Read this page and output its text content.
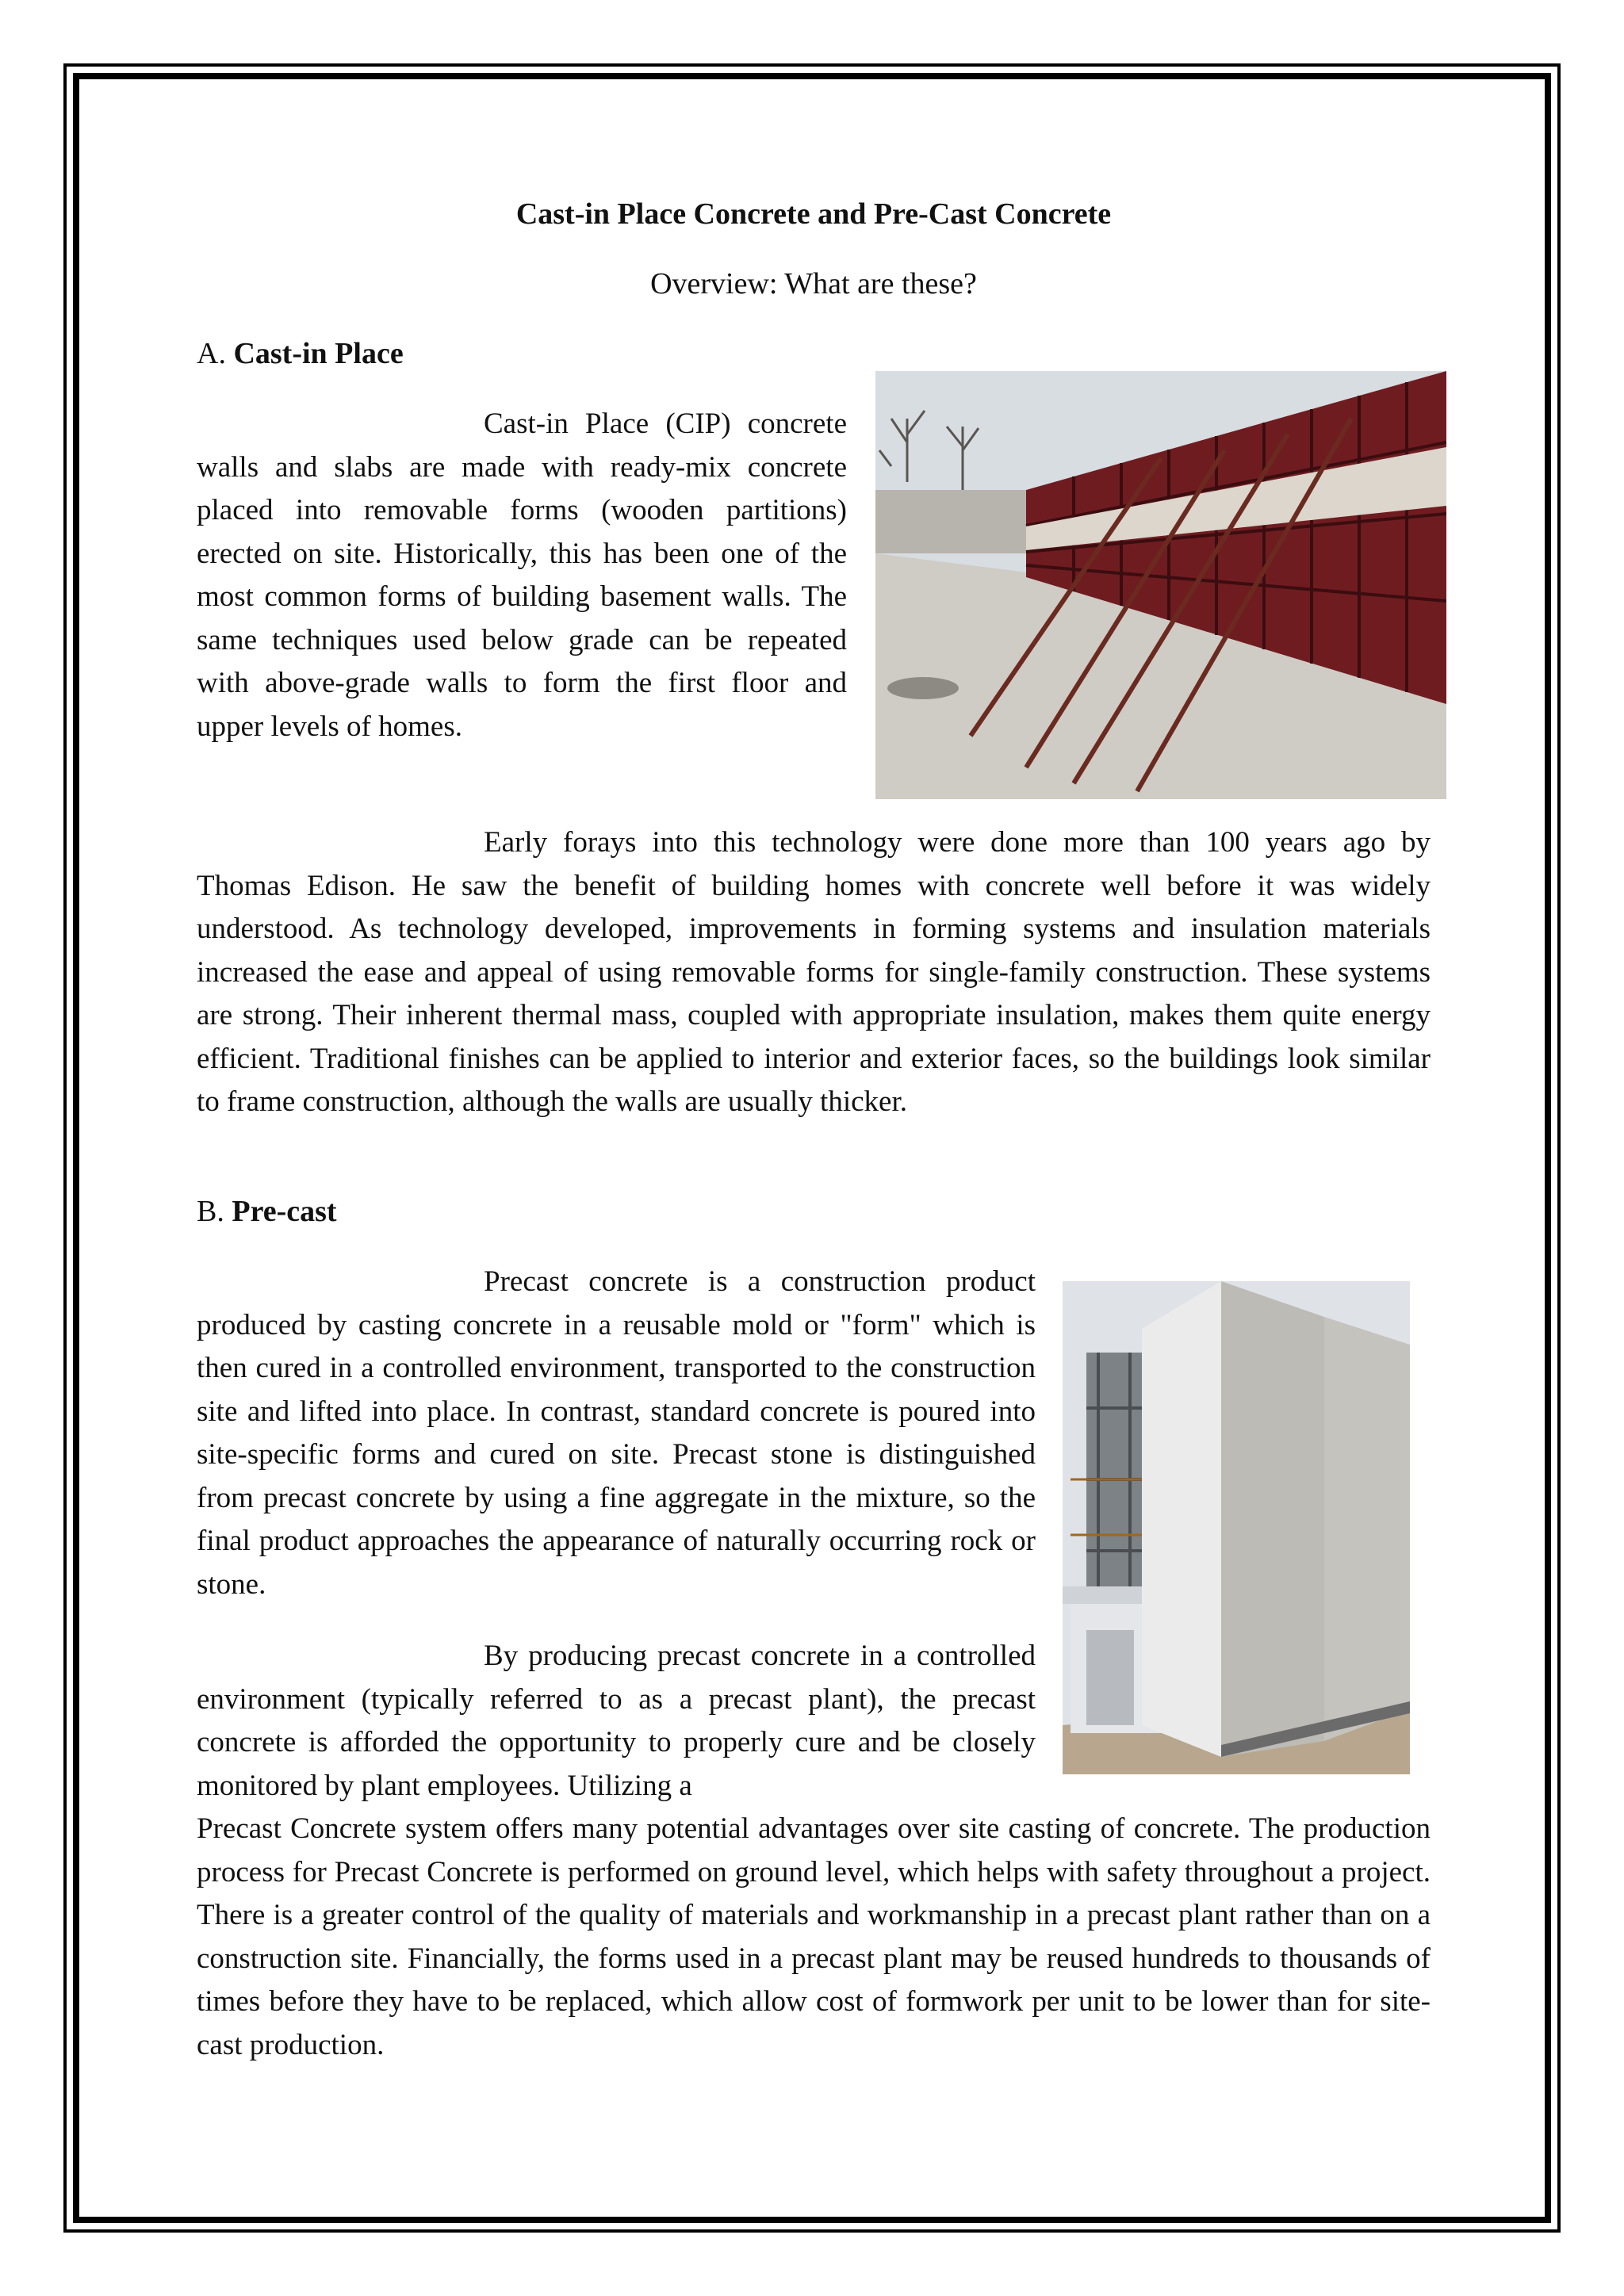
Cast-in Place Concrete and Pre-Cast Concrete

Overview: What are these?

A. Cast-in Place

Cast-in Place (CIP) concrete walls and slabs are made with ready-mix concrete placed into removable forms (wooden partitions) erected on site. Historically, this has been one of the most common forms of building basement walls. The same techniques used below grade can be repeated with above-grade walls to form the first floor and upper levels of homes.

Early forays into this technology were done more than 100 years ago by Thomas Edison. He saw the benefit of building homes with concrete well before it was widely understood. As technology developed, improvements in forming systems and insulation materials increased the ease and appeal of using removable forms for single-family construction. These systems are strong. Their inherent thermal mass, coupled with appropriate insulation, makes them quite energy efficient. Traditional finishes can be applied to interior and exterior faces, so the buildings look similar to frame construction, although the walls are usually thicker.

B. Pre-cast

Precast concrete is a construction product produced by casting concrete in a reusable mold or "form" which is then cured in a controlled environment, transported to the construction site and lifted into place. In contrast, standard concrete is poured into site-specific forms and cured on site. Precast stone is distinguished from precast concrete by using a fine aggregate in the mixture, so the final product approaches the appearance of naturally occurring rock or stone.

By producing precast concrete in a controlled environment (typically referred to as a precast plant), the precast concrete is afforded the opportunity to properly cure and be closely monitored by plant employees. Utilizing a

Precast Concrete system offers many potential advantages over site casting of concrete. The production process for Precast Concrete is performed on ground level, which helps with safety throughout a project. There is a greater control of the quality of materials and workmanship in a precast plant rather than on a construction site. Financially, the forms used in a precast plant may be reused hundreds to thousands of times before they have to be replaced, which allow cost of formwork per unit to be lower than for site-cast production.
